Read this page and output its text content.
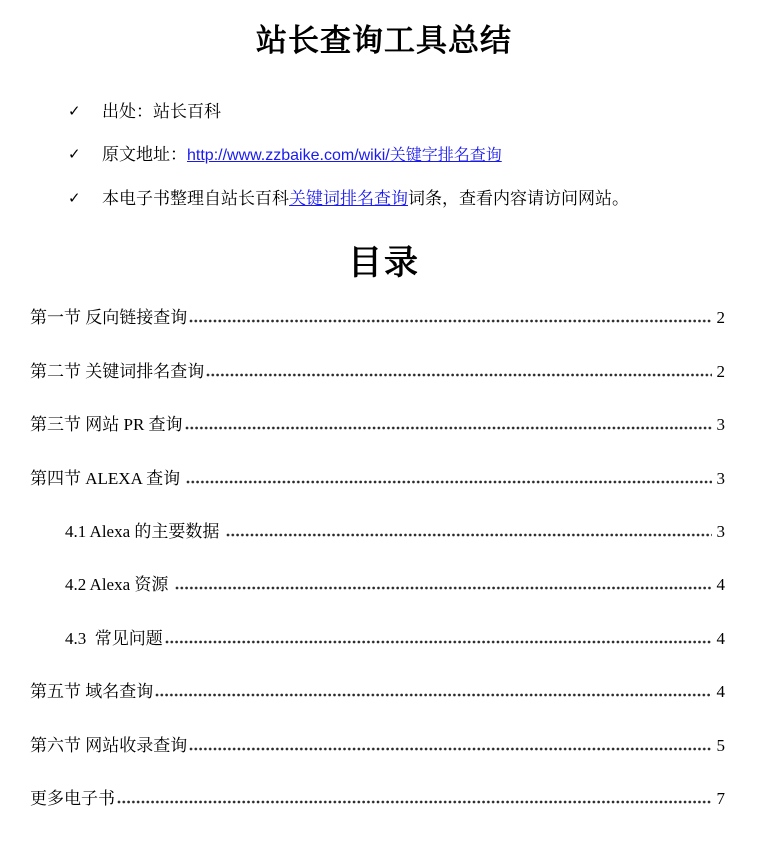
站长查询工具总结
✓	出处：站长百科
✓	原文地址：http://www.zzbaike.com/wiki/关键字排名查询
✓	本电子书整理自站长百科关键词排名查询词条，查看内容请访问网站。
目录
第一节 反向链接查询	2
第二节 关键词排名查询	2
第三节 网站 PR 查询	3
第四节 ALEXA 查询	3
4.1 Alexa 的主要数据	3
4.2 Alexa 资源	4
4.3  常见问题	4
第五节 域名查询	4
第六节 网站收录查询	5
更多电子书	7
